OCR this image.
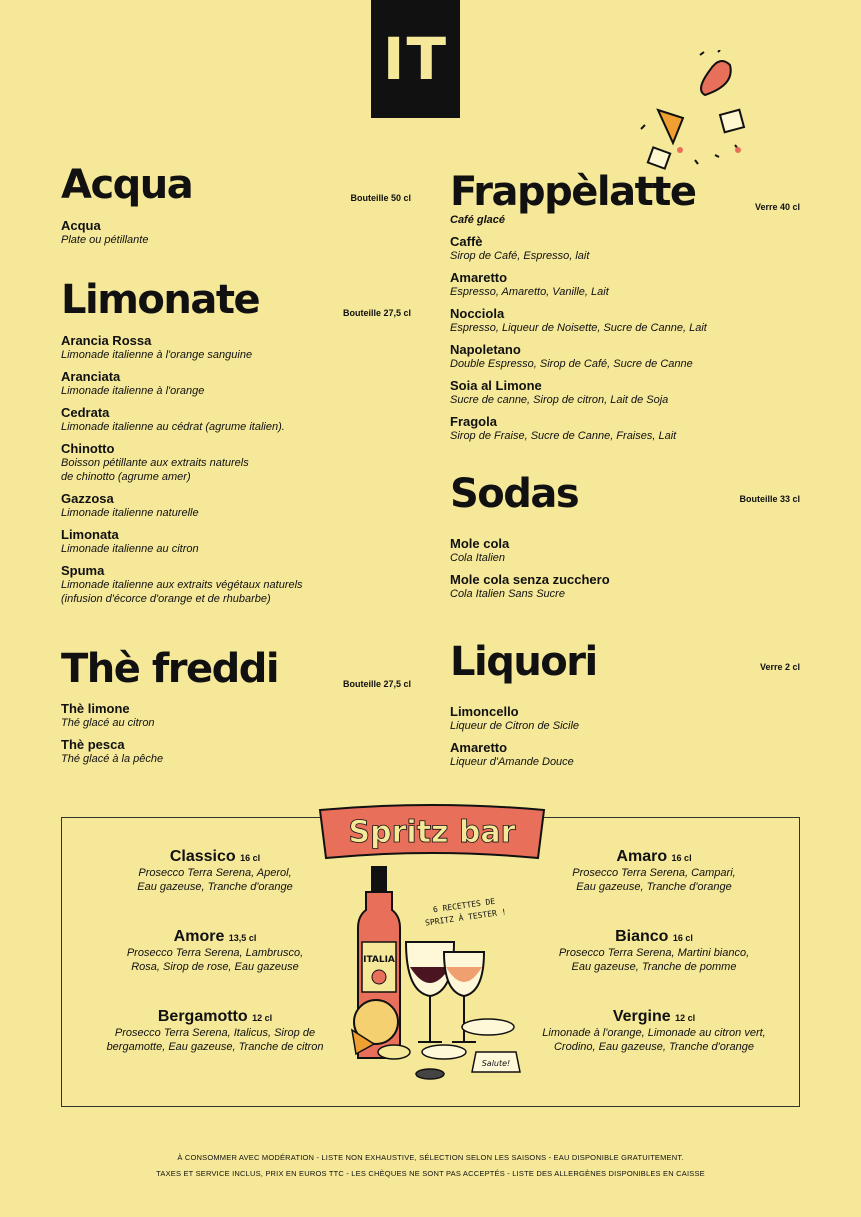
IT
Acqua	Bouteille 50 cl
Acqua
Plate ou pétillante
Limonate	Bouteille 27,5 cl
Arancia Rossa
Limonade italienne à l'orange sanguine
Aranciata
Limonade italienne à l'orange
Cedrata
Limonade italienne au cédrat (agrume italien).
Chinotto
Boisson pétillante aux extraits naturels
de chinotto (agrume amer)
Gazzosa
Limonade italienne naturelle
Limonata
Limonade italienne au citron
Spuma
Limonade italienne aux extraits végétaux naturels
(infusion d'écorce d'orange et de rhubarbe)
Thè freddi	Bouteille 27,5 cl
Thè limone
Thé glacé au citron
Thè pesca
Thé glacé à la pêche
Frappèlatte	Verre 40 cl
Café glacé
Caffè
Sirop de Café, Espresso, lait
Amaretto
Espresso, Amaretto, Vanille, Lait
Nocciola
Espresso, Liqueur de Noisette, Sucre de Canne, Lait
Napoletano
Double Espresso, Sirop de Café, Sucre de Canne
Soia al Limone
Sucre de canne, Sirop de citron, Lait de Soja
Fragola
Sirop de Fraise, Sucre de Canne, Fraises, Lait
Sodas	Bouteille 33 cl
Mole cola
Cola Italien
Mole cola senza zucchero
Cola Italien Sans Sucre
Liquori	Verre 2 cl
Limoncello
Liqueur de Citron de Sicile
Amaretto
Liqueur d'Amande Douce
Spritz bar
ITALIA
Salute!
6 RECETTES DE SPRITZ À TESTER !
Classico 16 cl
Prosecco Terra Serena, Aperol,
Eau gazeuse, Tranche d'orange
Amore 13,5 cl
Prosecco Terra Serena, Lambrusco,
Rosa, Sirop de rose, Eau gazeuse
Bergamotto 12 cl
Prosecco Terra Serena, Italicus, Sirop de
bergamotte, Eau gazeuse, Tranche de citron
Amaro 16 cl
Prosecco Terra Serena, Campari,
Eau gazeuse, Tranche d'orange
Bianco 16 cl
Prosecco Terra Serena, Martini bianco,
Eau gazeuse, Tranche de pomme
Vergine 12 cl
Limonade à l'orange, Limonade au citron vert,
Crodino, Eau gazeuse, Tranche d'orange
À CONSOMMER AVEC MODÉRATION - LISTE NON EXHAUSTIVE, SÉLECTION SELON LES SAISONS - EAU DISPONIBLE GRATUITEMENT.
TAXES ET SERVICE INCLUS, PRIX EN EUROS TTC - LES CHÈQUES NE SONT PAS ACCEPTÉS - LISTE DES ALLERGÈNES DISPONIBLES EN CAISSE
